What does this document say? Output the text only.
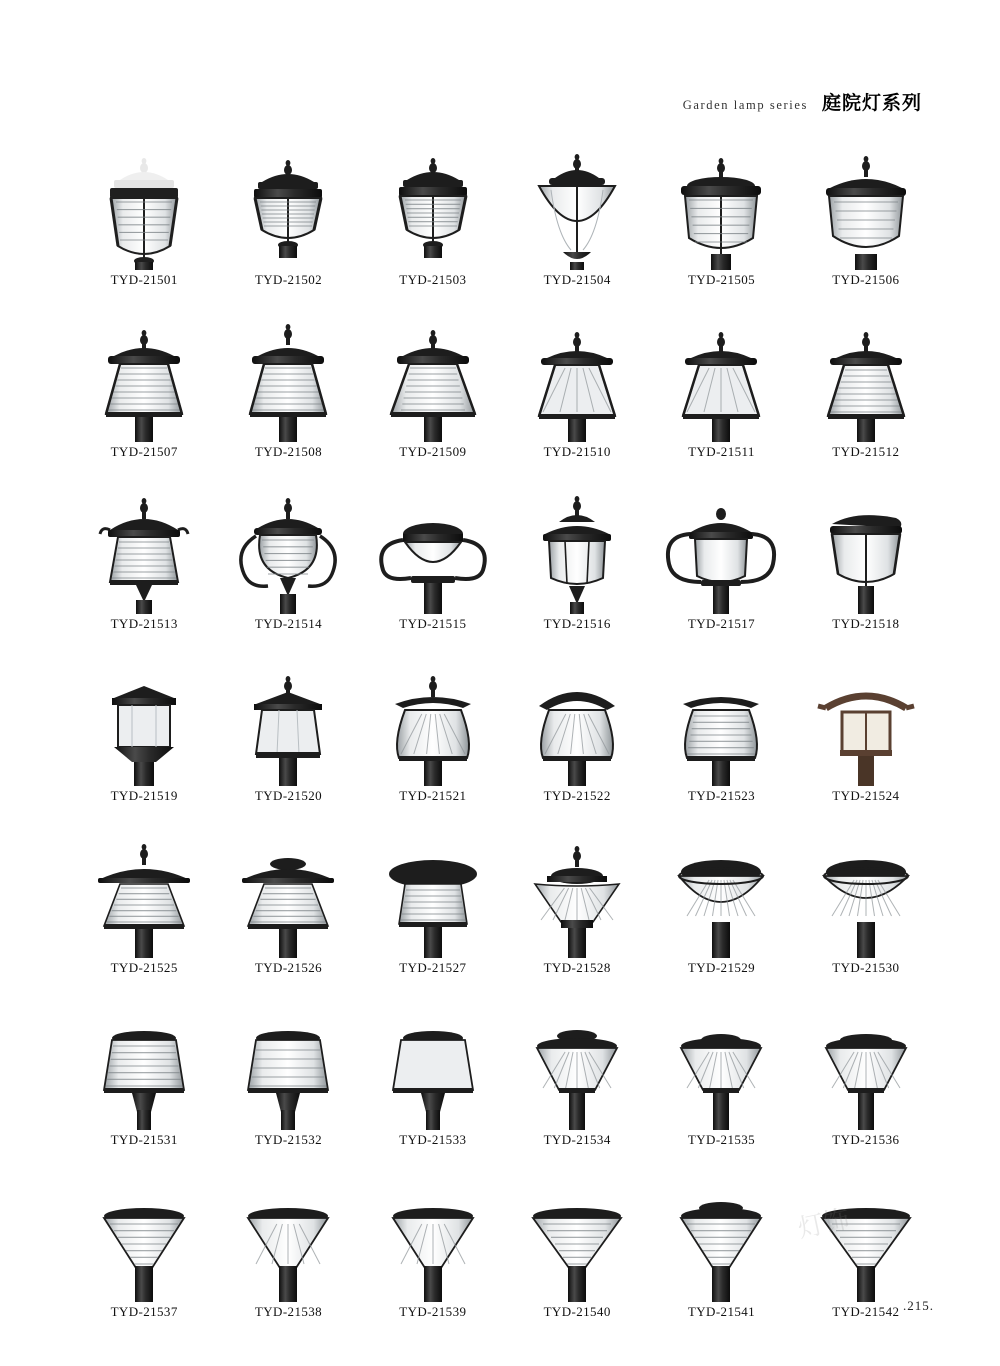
Garden lamp series 庭院灯系列
TYD-21501	TYD-21502	TYD-21503	TYD-21504	TYD-21505	TYD-21506
TYD-21507	TYD-21508	TYD-21509	TYD-21510	TYD-21511	TYD-21512
TYD-21513	TYD-21514	TYD-21515	TYD-21516	TYD-21517	TYD-21518
TYD-21519	TYD-21520	TYD-21521	TYD-21522	TYD-21523	TYD-21524
TYD-21525	TYD-21526	TYD-21527	TYD-21528	TYD-21529	TYD-21530
TYD-21531	TYD-21532	TYD-21533	TYD-21534	TYD-21535	TYD-21536
TYD-21537	TYD-21538	TYD-21539	TYD-21540	TYD-21541	TYD-21542
灯饰
.215.
